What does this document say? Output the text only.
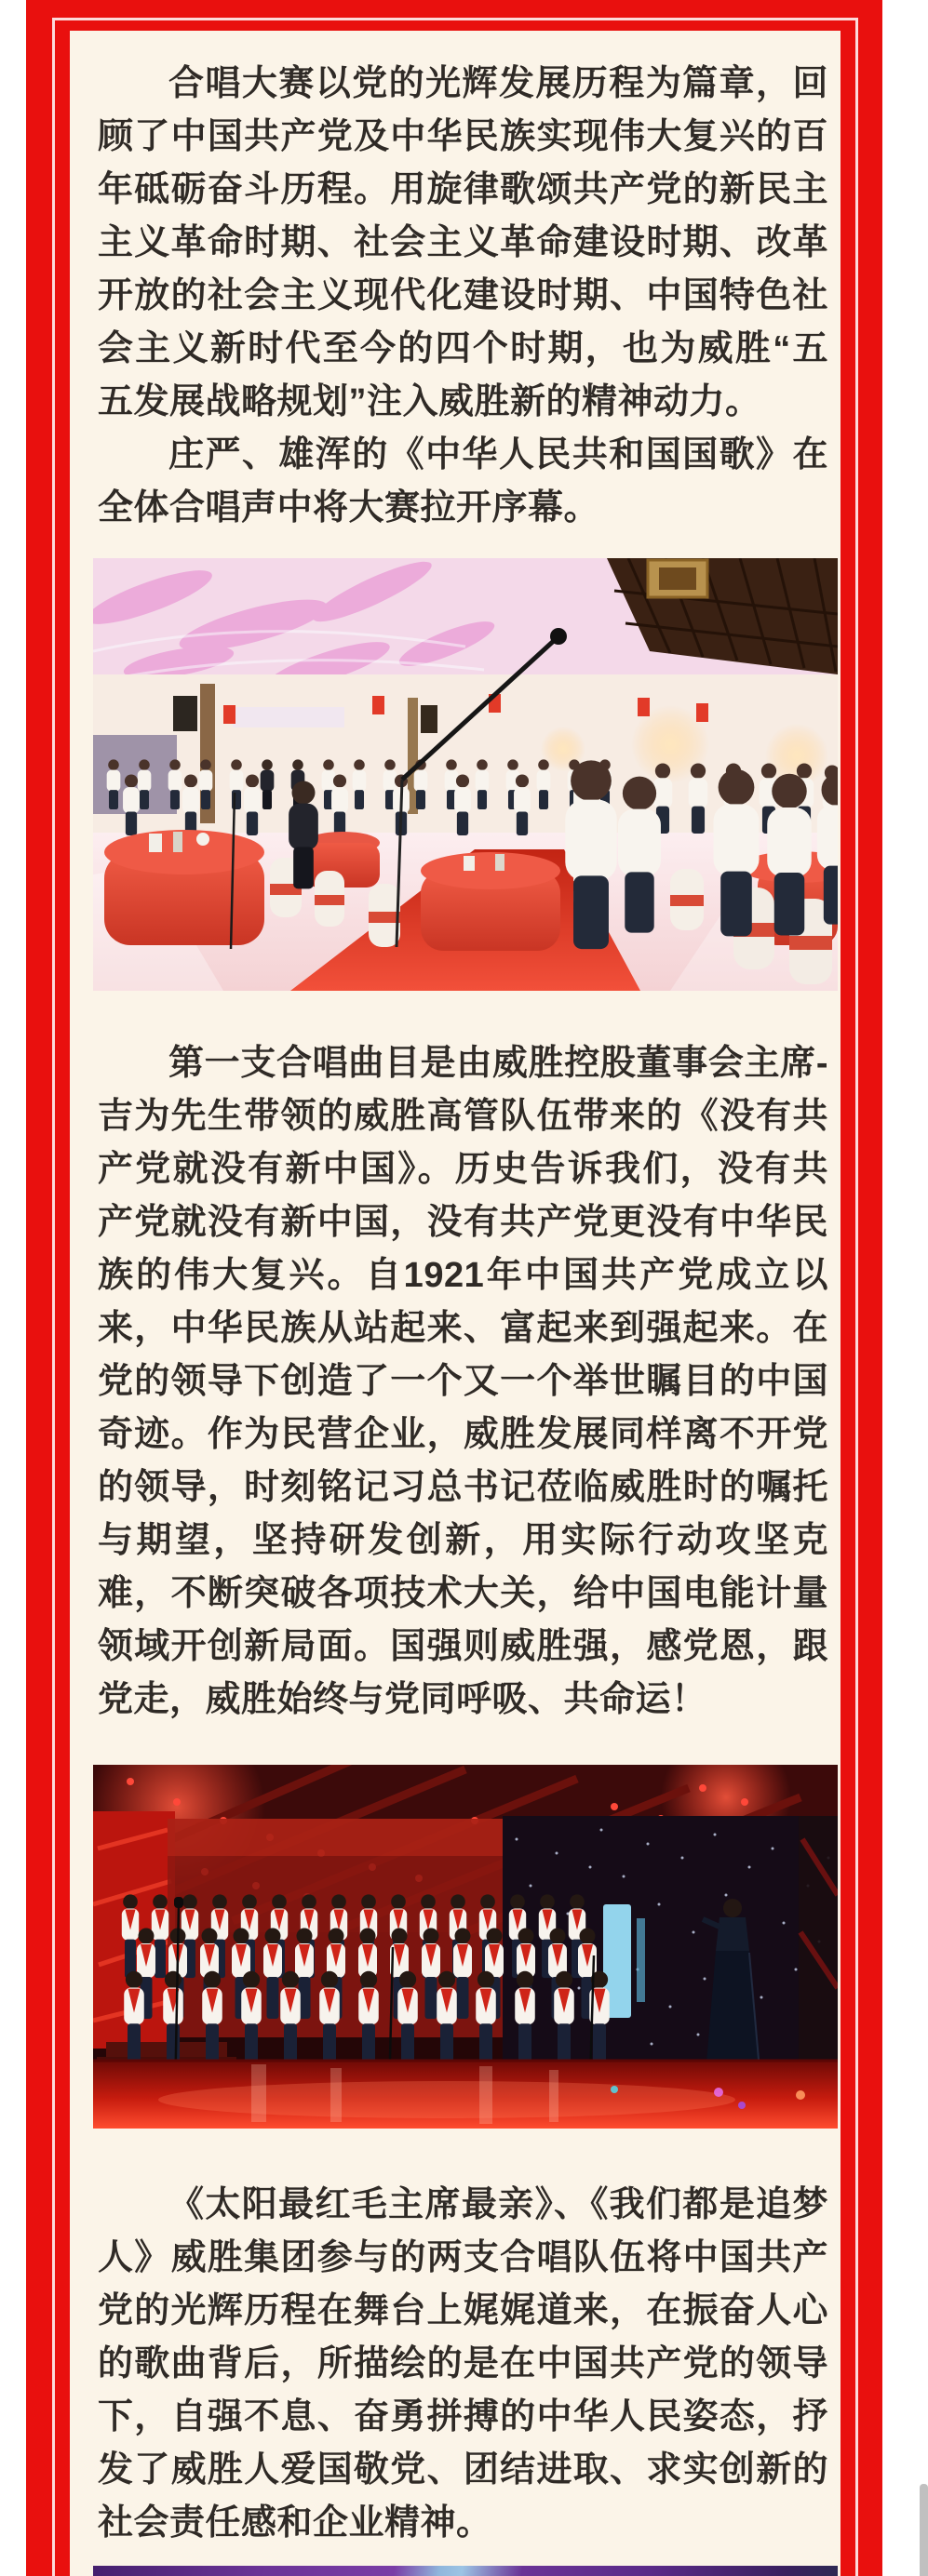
合唱大赛以党的光辉发展历程为篇章，回顾了中国共产党及中华民族实现伟大复兴的百年砥砺奋斗历程。用旋律歌颂共产党的新民主主义革命时期、社会主义革命建设时期、改革开放的社会主义现代化建设时期、中国特色社会主义新时代至今的四个时期，也为威胜“五五发展战略规划”注入威胜新的精神动力。

庄严、雄浑的《中华人民共和国国歌》在全体合唱声中将大赛拉开序幕。

第一支合唱曲目是由威胜控股董事会主席-吉为先生带领的威胜高管队伍带来的《没有共产党就没有新中国》。历史告诉我们，没有共产党就没有新中国，没有共产党更没有中华民族的伟大复兴。自1921年中国共产党成立以来，中华民族从站起来、富起来到强起来。在党的领导下创造了一个又一个举世瞩目的中国奇迹。作为民营企业，威胜发展同样离不开党的领导，时刻铭记习总书记莅临威胜时的嘱托与期望，坚持研发创新，用实际行动攻坚克难，不断突破各项技术大关，给中国电能计量领域开创新局面。国强则威胜强，感党恩，跟党走，威胜始终与党同呼吸、共命运！

《太阳最红毛主席最亲》、《我们都是追梦人》威胜集团参与的两支合唱队伍将中国共产党的光辉历程在舞台上娓娓道来，在振奋人心的歌曲背后，所描绘的是在中国共产党的领导下，自强不息、奋勇拼搏的中华人民姿态，抒发了威胜人爱国敬党、团结进取、求实创新的社会责任感和企业精神。
